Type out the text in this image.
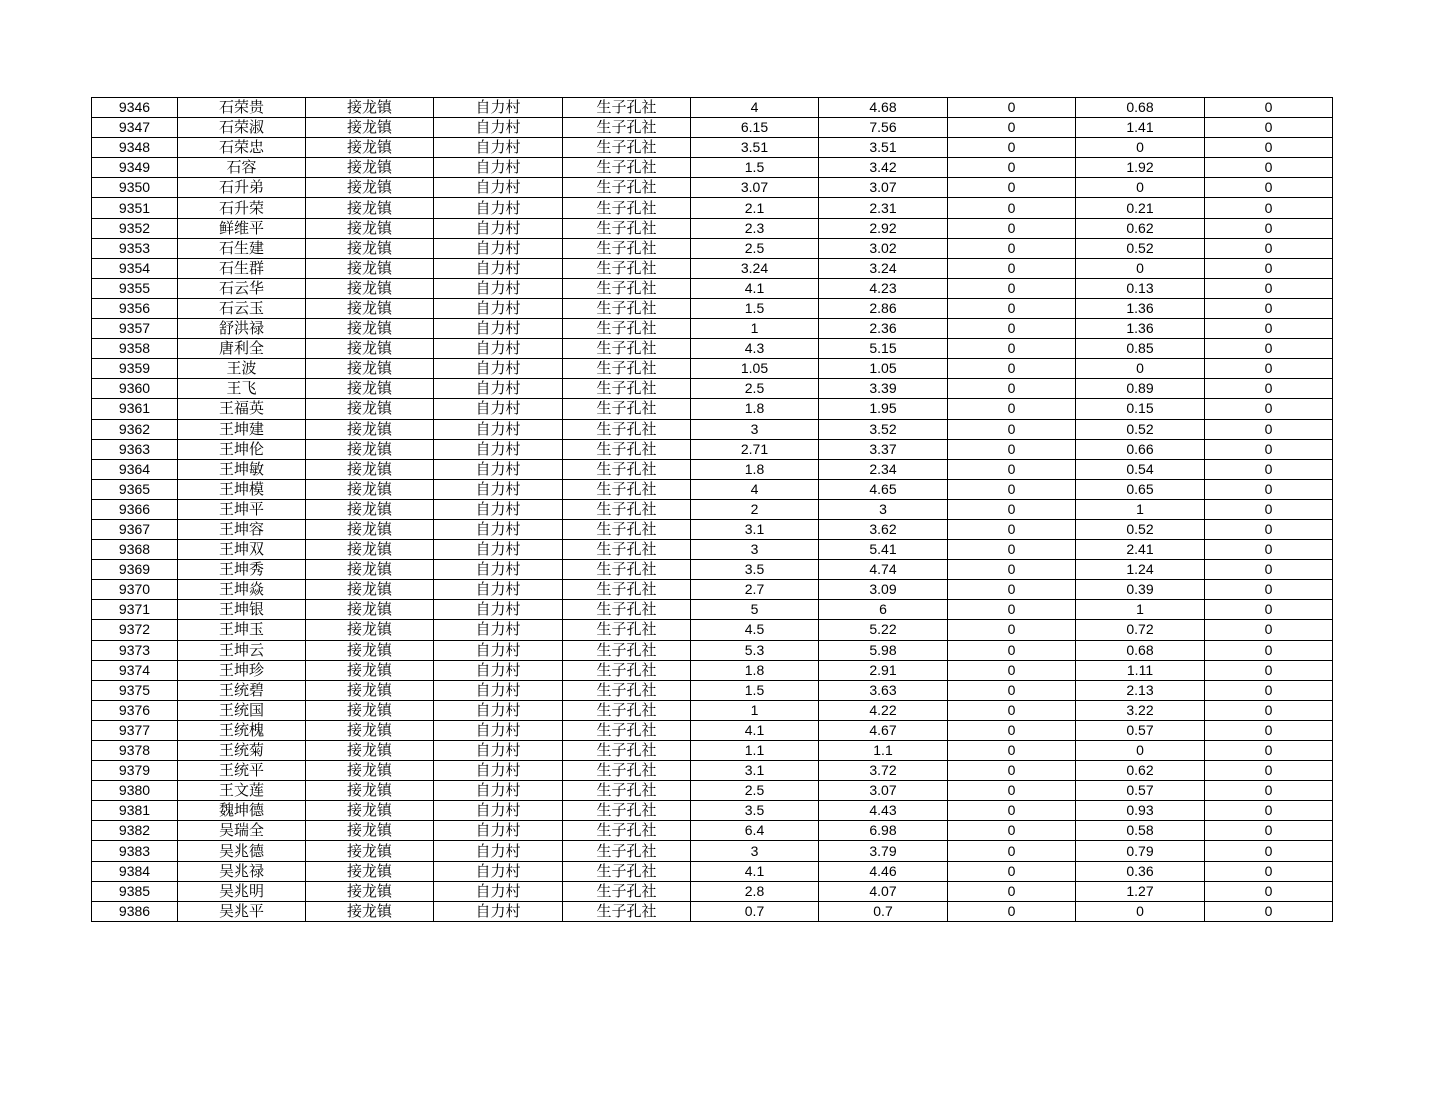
9346	石荣贵	接龙镇	自力村	生子孔社	4	4.68	0	0.68	0
9347	石荣淑	接龙镇	自力村	生子孔社	6.15	7.56	0	1.41	0
9348	石荣忠	接龙镇	自力村	生子孔社	3.51	3.51	0	0	0
9349	石容	接龙镇	自力村	生子孔社	1.5	3.42	0	1.92	0
9350	石升弟	接龙镇	自力村	生子孔社	3.07	3.07	0	0	0
9351	石升荣	接龙镇	自力村	生子孔社	2.1	2.31	0	0.21	0
9352	鲜维平	接龙镇	自力村	生子孔社	2.3	2.92	0	0.62	0
9353	石生建	接龙镇	自力村	生子孔社	2.5	3.02	0	0.52	0
9354	石生群	接龙镇	自力村	生子孔社	3.24	3.24	0	0	0
9355	石云华	接龙镇	自力村	生子孔社	4.1	4.23	0	0.13	0
9356	石云玉	接龙镇	自力村	生子孔社	1.5	2.86	0	1.36	0
9357	舒洪禄	接龙镇	自力村	生子孔社	1	2.36	0	1.36	0
9358	唐利全	接龙镇	自力村	生子孔社	4.3	5.15	0	0.85	0
9359	王波	接龙镇	自力村	生子孔社	1.05	1.05	0	0	0
9360	王飞	接龙镇	自力村	生子孔社	2.5	3.39	0	0.89	0
9361	王福英	接龙镇	自力村	生子孔社	1.8	1.95	0	0.15	0
9362	王坤建	接龙镇	自力村	生子孔社	3	3.52	0	0.52	0
9363	王坤伦	接龙镇	自力村	生子孔社	2.71	3.37	0	0.66	0
9364	王坤敏	接龙镇	自力村	生子孔社	1.8	2.34	0	0.54	0
9365	王坤模	接龙镇	自力村	生子孔社	4	4.65	0	0.65	0
9366	王坤平	接龙镇	自力村	生子孔社	2	3	0	1	0
9367	王坤容	接龙镇	自力村	生子孔社	3.1	3.62	0	0.52	0
9368	王坤双	接龙镇	自力村	生子孔社	3	5.41	0	2.41	0
9369	王坤秀	接龙镇	自力村	生子孔社	3.5	4.74	0	1.24	0
9370	王坤焱	接龙镇	自力村	生子孔社	2.7	3.09	0	0.39	0
9371	王坤银	接龙镇	自力村	生子孔社	5	6	0	1	0
9372	王坤玉	接龙镇	自力村	生子孔社	4.5	5.22	0	0.72	0
9373	王坤云	接龙镇	自力村	生子孔社	5.3	5.98	0	0.68	0
9374	王坤珍	接龙镇	自力村	生子孔社	1.8	2.91	0	1.11	0
9375	王统碧	接龙镇	自力村	生子孔社	1.5	3.63	0	2.13	0
9376	王统国	接龙镇	自力村	生子孔社	1	4.22	0	3.22	0
9377	王统槐	接龙镇	自力村	生子孔社	4.1	4.67	0	0.57	0
9378	王统菊	接龙镇	自力村	生子孔社	1.1	1.1	0	0	0
9379	王统平	接龙镇	自力村	生子孔社	3.1	3.72	0	0.62	0
9380	王文莲	接龙镇	自力村	生子孔社	2.5	3.07	0	0.57	0
9381	魏坤德	接龙镇	自力村	生子孔社	3.5	4.43	0	0.93	0
9382	吴瑞全	接龙镇	自力村	生子孔社	6.4	6.98	0	0.58	0
9383	吴兆德	接龙镇	自力村	生子孔社	3	3.79	0	0.79	0
9384	吴兆禄	接龙镇	自力村	生子孔社	4.1	4.46	0	0.36	0
9385	吴兆明	接龙镇	自力村	生子孔社	2.8	4.07	0	1.27	0
9386	吴兆平	接龙镇	自力村	生子孔社	0.7	0.7	0	0	0
